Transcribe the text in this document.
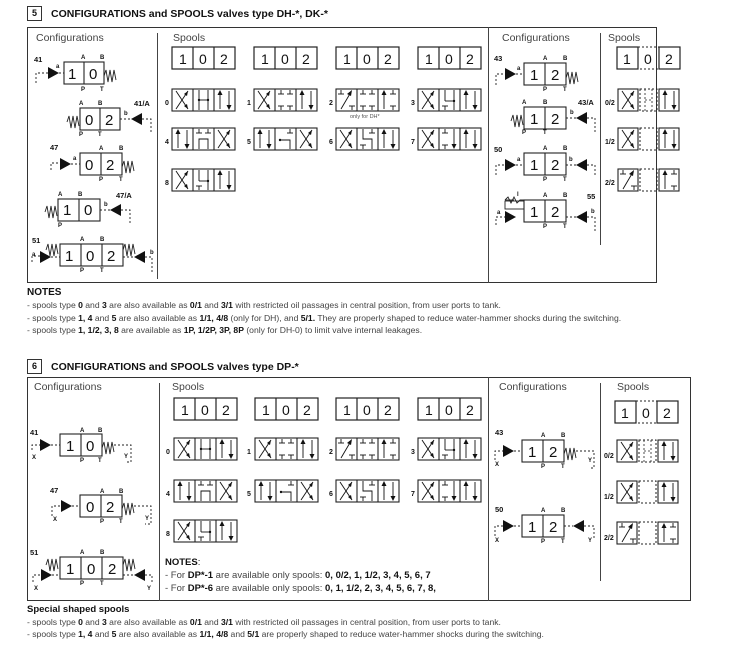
5	CONFIGURATIONS and SPOOLS valves type DH-*, DK-*
Configurations	Spools	Configurations	Spools
41
a 1 0
A B
P T
41/A
0 2
A B
P T
b
47
a 0 2
A	B
P	T
47/A
1 0
A	B
P
b
51
a 1 0 2
A	B
P	T
b
1 0 2 1 0 2 1 0 2 1 0 2
0	1	2
only for DH*
3
4	5	6	7
8
43
a 1 2
A	B
P	T
43/A
1 2
A	B
P	T
b
50
a 1 2
A	B
P	T
b
55
l
a 1 2
A	B
P	T
b
1 0 2
0/2
1/2
2/2
NOTES
- spools type 0 and 3 are also available as 0/1 and 3/1 with restricted oil passages in central position, from user ports to tank.
- spools type 1, 4 and 5 are also available as 1/1, 4/8 (only for DH), and 5/1. They are properly shaped to reduce water-hammer shocks during the switching.
- spools type 1, 1/2, 3, 8 are available as 1P, 1/2P, 3P, 8P (only for DH-0) to limit valve internal leakages.
6	CONFIGURATIONS and SPOOLS valves type DP-*
Configurations	Spools	Configurations	Spools
41
X
1 0
A B
P T
Y
47
X
0 2
A B
P T	Y
51
X
1 0 2
A	B
P	T
Y
1 0 2 1 0 2 1 0 2 1 0 2
0	1	2	3
4	5	6	7
8
43
X
1 2
A	B
P	T
Y
50
X
1 2
A	B
P	T	Y
1 0 2
0/2
1/2
2/2
NOTES:
- For DP*-1 are available only spools: 0, 0/2, 1, 1/2, 3, 4, 5, 6, 7
- For DP*-6 are available only spools: 0, 1, 1/2, 2, 3, 4, 5, 6, 7, 8,
Special shaped spools
- spools type 0 and 3 are also available as 0/1 and 3/1 with restricted oil passages in central position, from user ports to tank.
- spools type 1, 4 and 5 are also available as 1/1, 4/8 and 5/1 are properly shaped to reduce water-hammer shocks during the switching.
